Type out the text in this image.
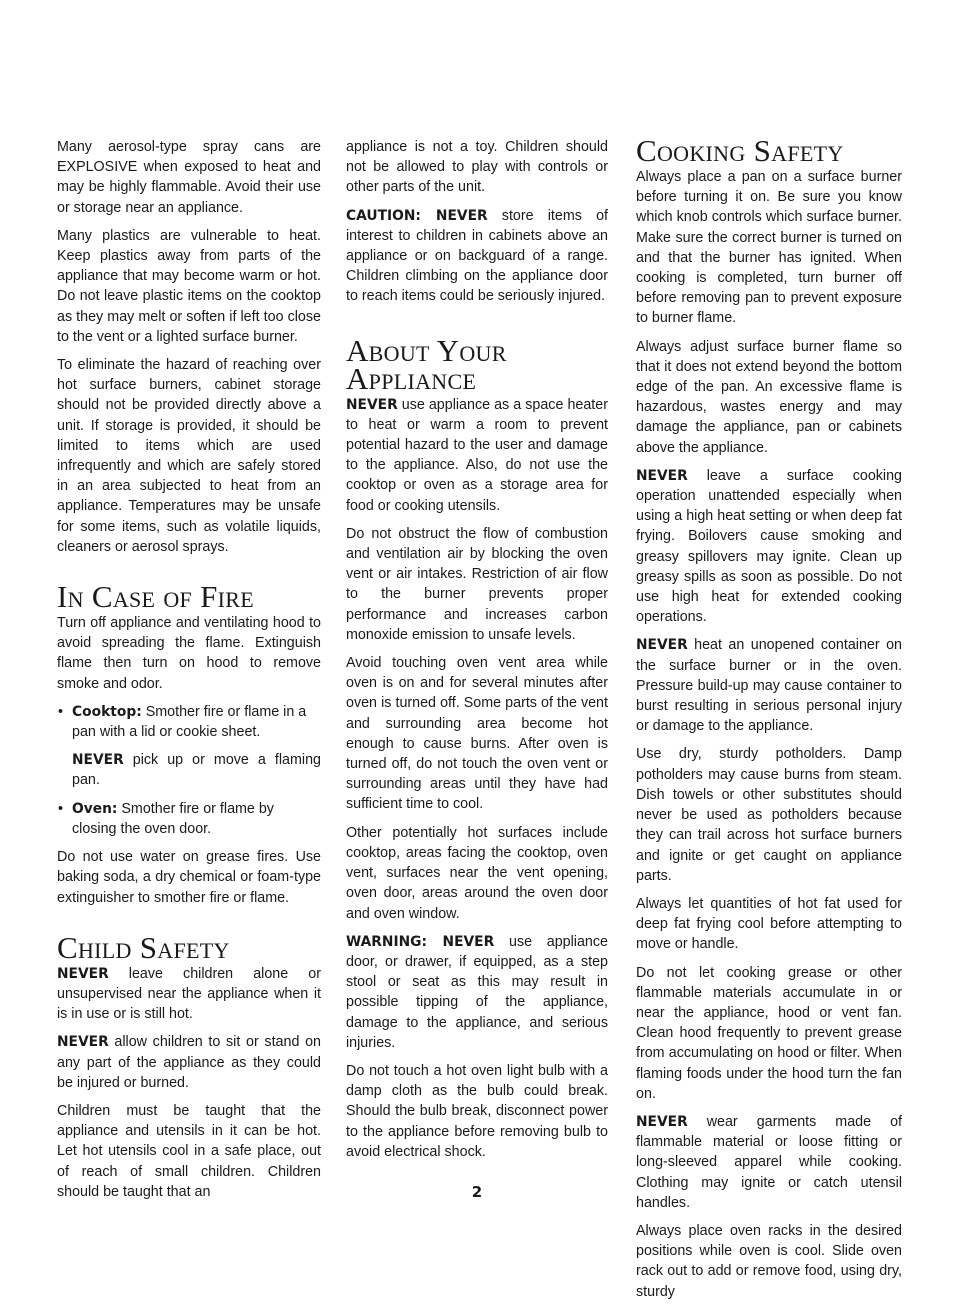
Many aerosol-type spray cans are EXPLOSIVE when exposed to heat and may be highly flammable. Avoid their use or storage near an appliance.

Many plastics are vulnerable to heat. Keep plastics away from parts of the appliance that may become warm or hot. Do not leave plastic items on the cooktop as they may melt or soften if left too close to the vent or a lighted surface burner.

To eliminate the hazard of reaching over hot surface burners, cabinet storage should not be provided directly above a unit. If storage is provided, it should be limited to items which are used infrequently and which are safely stored in an area subjected to heat from an appliance. Temperatures may be unsafe for some items, such as volatile liquids, cleaners or aerosol sprays.

In Case of Fire

Turn off appliance and ventilating hood to avoid spreading the flame. Extinguish flame then turn on hood to remove smoke and odor.

• Cooktop: Smother fire or flame in a pan with a lid or cookie sheet.

NEVER pick up or move a flaming pan.

• Oven: Smother fire or flame by closing the oven door.

Do not use water on grease fires. Use baking soda, a dry chemical or foam-type extinguisher to smother fire or flame.

Child Safety

NEVER leave children alone or unsupervised near the appliance when it is in use or is still hot.

NEVER allow children to sit or stand on any part of the appliance as they could be injured or burned.

Children must be taught that the appliance and utensils in it can be hot. Let hot utensils cool in a safe place, out of reach of small children. Children should be taught that an

appliance is not a toy. Children should not be allowed to play with controls or other parts of the unit.

CAUTION: NEVER store items of interest to children in cabinets above an appliance or on backguard of a range. Children climbing on the appliance door to reach items could be seriously injured.

About Your Appliance

NEVER use appliance as a space heater to heat or warm a room to prevent potential hazard to the user and damage to the appliance. Also, do not use the cooktop or oven as a storage area for food or cooking utensils.

Do not obstruct the flow of combustion and ventilation air by blocking the oven vent or air intakes. Restriction of air flow to the burner prevents proper performance and increases carbon monoxide emission to unsafe levels.

Avoid touching oven vent area while oven is on and for several minutes after oven is turned off. Some parts of the vent and surrounding area become hot enough to cause burns. After oven is turned off, do not touch the oven vent or surrounding areas until they have had sufficient time to cool.

Other potentially hot surfaces include cooktop, areas facing the cooktop, oven vent, surfaces near the vent opening, oven door, areas around the oven door and oven window.

WARNING: NEVER use appliance door, or drawer, if equipped, as a step stool or seat as this may result in possible tipping of the appliance, damage to the appliance, and serious injuries.

Do not touch a hot oven light bulb with a damp cloth as the bulb could break. Should the bulb break, disconnect power to the appliance before removing bulb to avoid electrical shock.

Cooking Safety

Always place a pan on a surface burner before turning it on. Be sure you know which knob controls which surface burner. Make sure the correct burner is turned on and that the burner has ignited. When cooking is completed, turn burner off before removing pan to prevent exposure to burner flame.

Always adjust surface burner flame so that it does not extend beyond the bottom edge of the pan. An excessive flame is hazardous, wastes energy and may damage the appliance, pan or cabinets above the appliance.

NEVER leave a surface cooking operation unattended especially when using a high heat setting or when deep fat frying. Boilovers cause smoking and greasy spillovers may ignite. Clean up greasy spills as soon as possible. Do not use high heat for extended cooking operations.

NEVER heat an unopened container on the surface burner or in the oven. Pressure build-up may cause container to burst resulting in serious personal injury or damage to the appliance.

Use dry, sturdy potholders. Damp potholders may cause burns from steam. Dish towels or other substitutes should never be used as potholders because they can trail across hot surface burners and ignite or get caught on appliance parts.

Always let quantities of hot fat used for deep fat frying cool before attempting to move or handle.

Do not let cooking grease or other flammable materials accumulate in or near the appliance, hood or vent fan. Clean hood frequently to prevent grease from accumulating on hood or filter. When flaming foods under the hood turn the fan on.

NEVER wear garments made of flammable material or loose fitting or long-sleeved apparel while cooking. Clothing may ignite or catch utensil handles.

Always place oven racks in the desired positions while oven is cool. Slide oven rack out to add or remove food, using dry, sturdy

2
